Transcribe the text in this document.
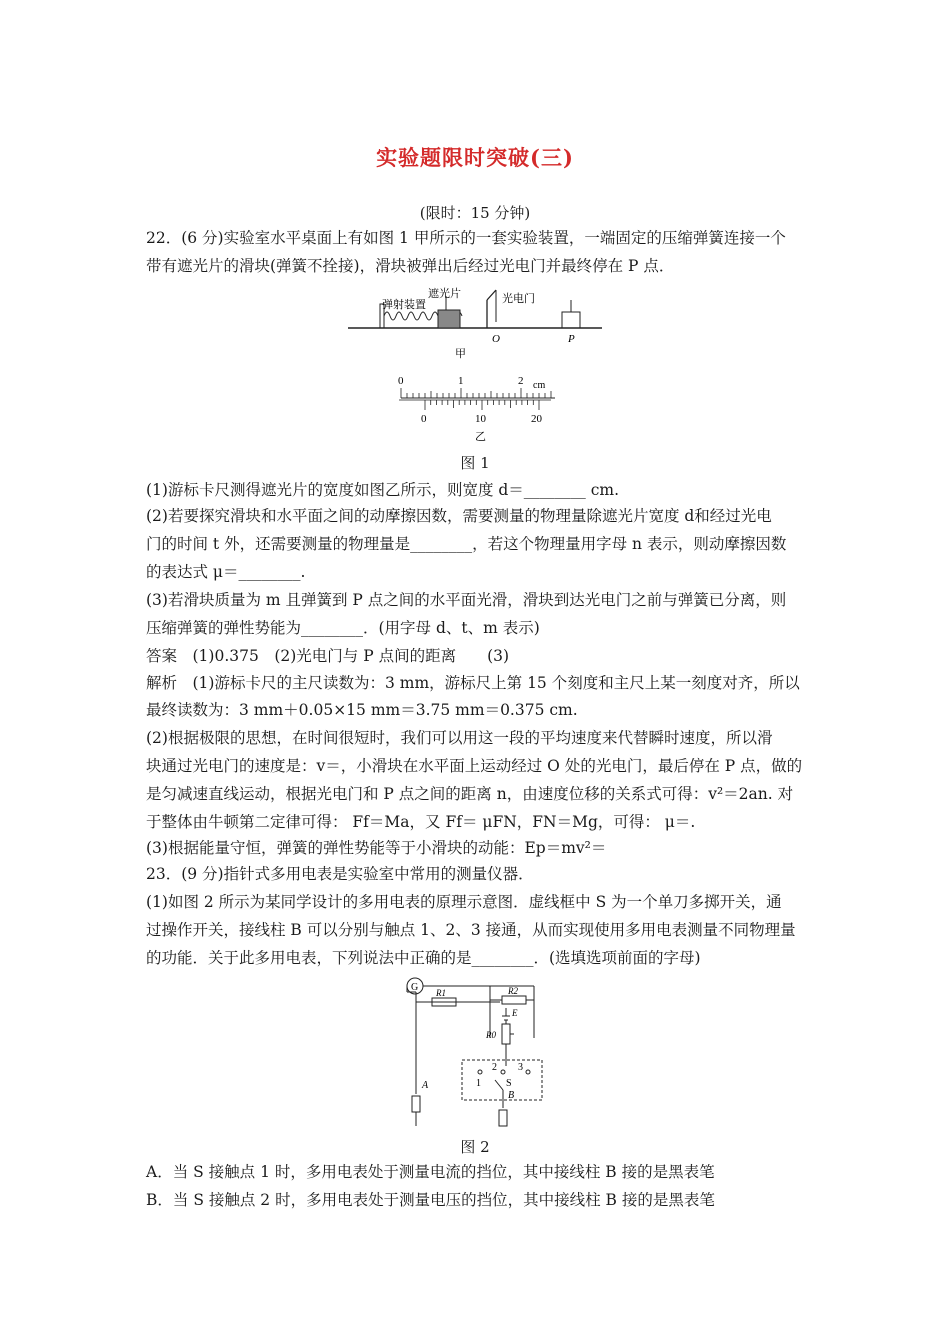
实验题限时突破(三)
(限时：15 分钟)
22．(6 分)实验室水平桌面上有如图 1 甲所示的一套实验装置，一端固定的压缩弹簧连接一个
带有遮光片的滑块(弹簧不拴接)，滑块被弹出后经过光电门并最终停在 P 点．
遮光片
弹射装置	光电门
O	P
甲
0	1	2 cm
0	10	20
乙
图 1
(1)游标卡尺测得遮光片的宽度如图乙所示，则宽度 d＝________ cm.
(2)若要探究滑块和水平面之间的动摩擦因数，需要测量的物理量除遮光片宽度 d和经过光电
门的时间 t 外，还需要测量的物理量是________，若这个物理量用字母 n 表示，则动摩擦因数
的表达式 μ＝________.
(3)若滑块质量为 m 且弹簧到 P 点之间的水平面光滑，滑块到达光电门之前与弹簧已分离，则
压缩弹簧的弹性势能为________．(用字母 d、t、m 表示)
答案　(1)0.375　(2)光电门与 P 点间的距离　　(3)
解析　(1)游标卡尺的主尺读数为：3 mm，游标尺上第 15 个刻度和主尺上某一刻度对齐，所以
最终读数为：3 mm＋0.05×15 mm＝3.75 mm＝0.375 cm.
(2)根据极限的思想，在时间很短时，我们可以用这一段的平均速度来代替瞬时速度，所以滑
块通过光电门的速度是：v＝，小滑块在水平面上运动经过 O 处的光电门，最后停在 P 点，做的
是匀减速直线运动，根据光电门和 P 点之间的距离 n，由速度位移的关系式可得：v²＝2an. 对
于整体由牛顿第二定律可得： Ff＝Ma，又 Ff＝ μFN，FN＝Mg，可得： μ＝.
(3)根据能量守恒，弹簧的弹性势能等于小滑块的动能：Ep＝mv²＝
23．(9 分)指针式多用电表是实验室中常用的测量仪器．
(1)如图 2 所示为某同学设计的多用电表的原理示意图．虚线框中 S 为一个单刀多掷开关，通
过操作开关，接线柱 B 可以分别与触点 1、2、3 接通，从而实现使用多用电表测量不同物理量
的功能．关于此多用电表，下列说法中正确的是________．(选填选项前面的字母)
G R1	R2
E
R0
1
2 3
S
A
B
图 2
A．当 S 接触点 1 时，多用电表处于测量电流的挡位，其中接线柱 B 接的是黑表笔
B．当 S 接触点 2 时，多用电表处于测量电压的挡位，其中接线柱 B 接的是黑表笔
